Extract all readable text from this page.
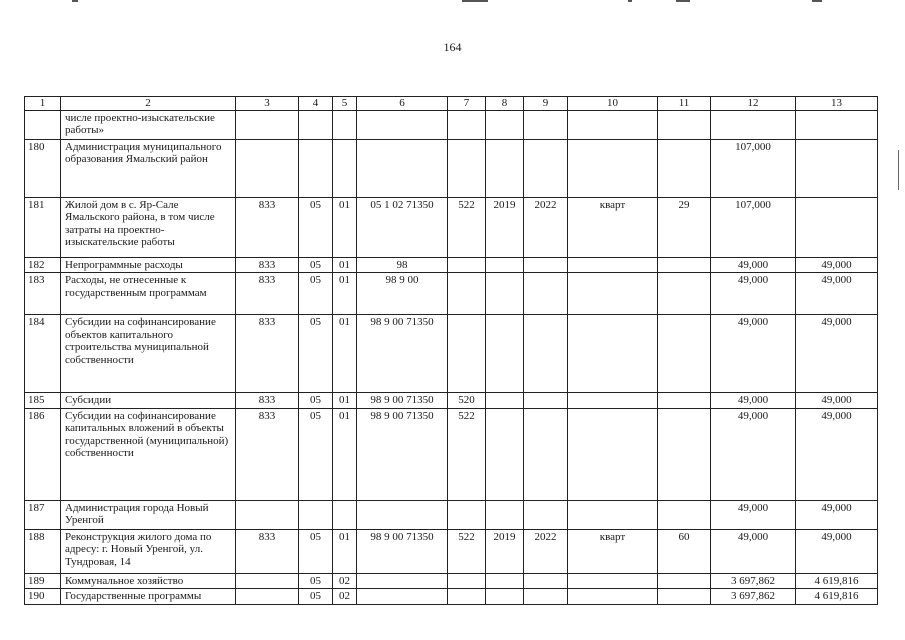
164
1	2	3	4	5	6	7	8	9	10	11	12	13
	числе проектно-изыскательские работы»											
180	Администрация муниципального образования Ямальский район										107,000	
181	Жилой дом в с. Яр-Сале Ямальского района, в том числе затраты на проектно-изыскательские работы	833	05	01	05 1 02 71350	522	2019	2022	кварт	29	107,000	
182	Непрограммные расходы	833	05	01	98						49,000	49,000
183	Расходы, не отнесенные к государственным программам	833	05	01	98 9 00						49,000	49,000
184	Субсидии на софинансирование объектов капитального строительства муниципальной собственности	833	05	01	98 9 00 71350						49,000	49,000
185	Субсидии	833	05	01	98 9 00 71350	520					49,000	49,000
186	Субсидии на софинансирование капитальных вложений в объекты государственной (муниципальной) собственности	833	05	01	98 9 00 71350	522					49,000	49,000
187	Администрация города Новый Уренгой										49,000	49,000
188	Реконструкция жилого дома по адресу: г. Новый Уренгой, ул. Тундровая, 14	833	05	01	98 9 00 71350	522	2019	2022	кварт	60	49,000	49,000
189	Коммунальное хозяйство		05	02							3 697,862	4 619,816
190	Государственные программы		05	02							3 697,862	4 619,816
